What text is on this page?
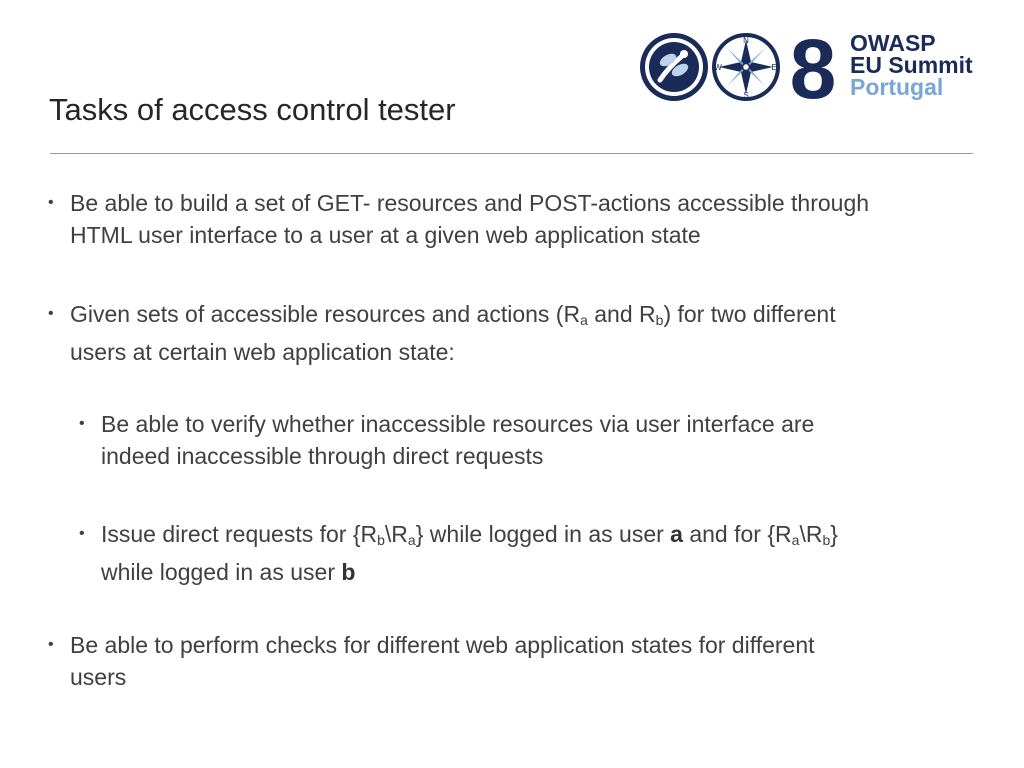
Tasks of access control tester
N
E
S
W 8 OWASP
EU Summit
Portugal
• Be able to build a set of GET- resources and POST-actions accessible through
HTML user interface to a user at a given web application state
• Given sets of accessible resources and actions ($R_a$ and $R_b$) for two different
users at certain web application state:
• Be able to verify whether inaccessible resources via user interface are
indeed inaccessible through direct requests
• Issue direct requests for $\{R_b\backslash R_a\}$ while logged in as user a and for $\{R_a\backslash R_b\}$
while logged in as user b
• Be able to perform checks for different web application states for different
users
